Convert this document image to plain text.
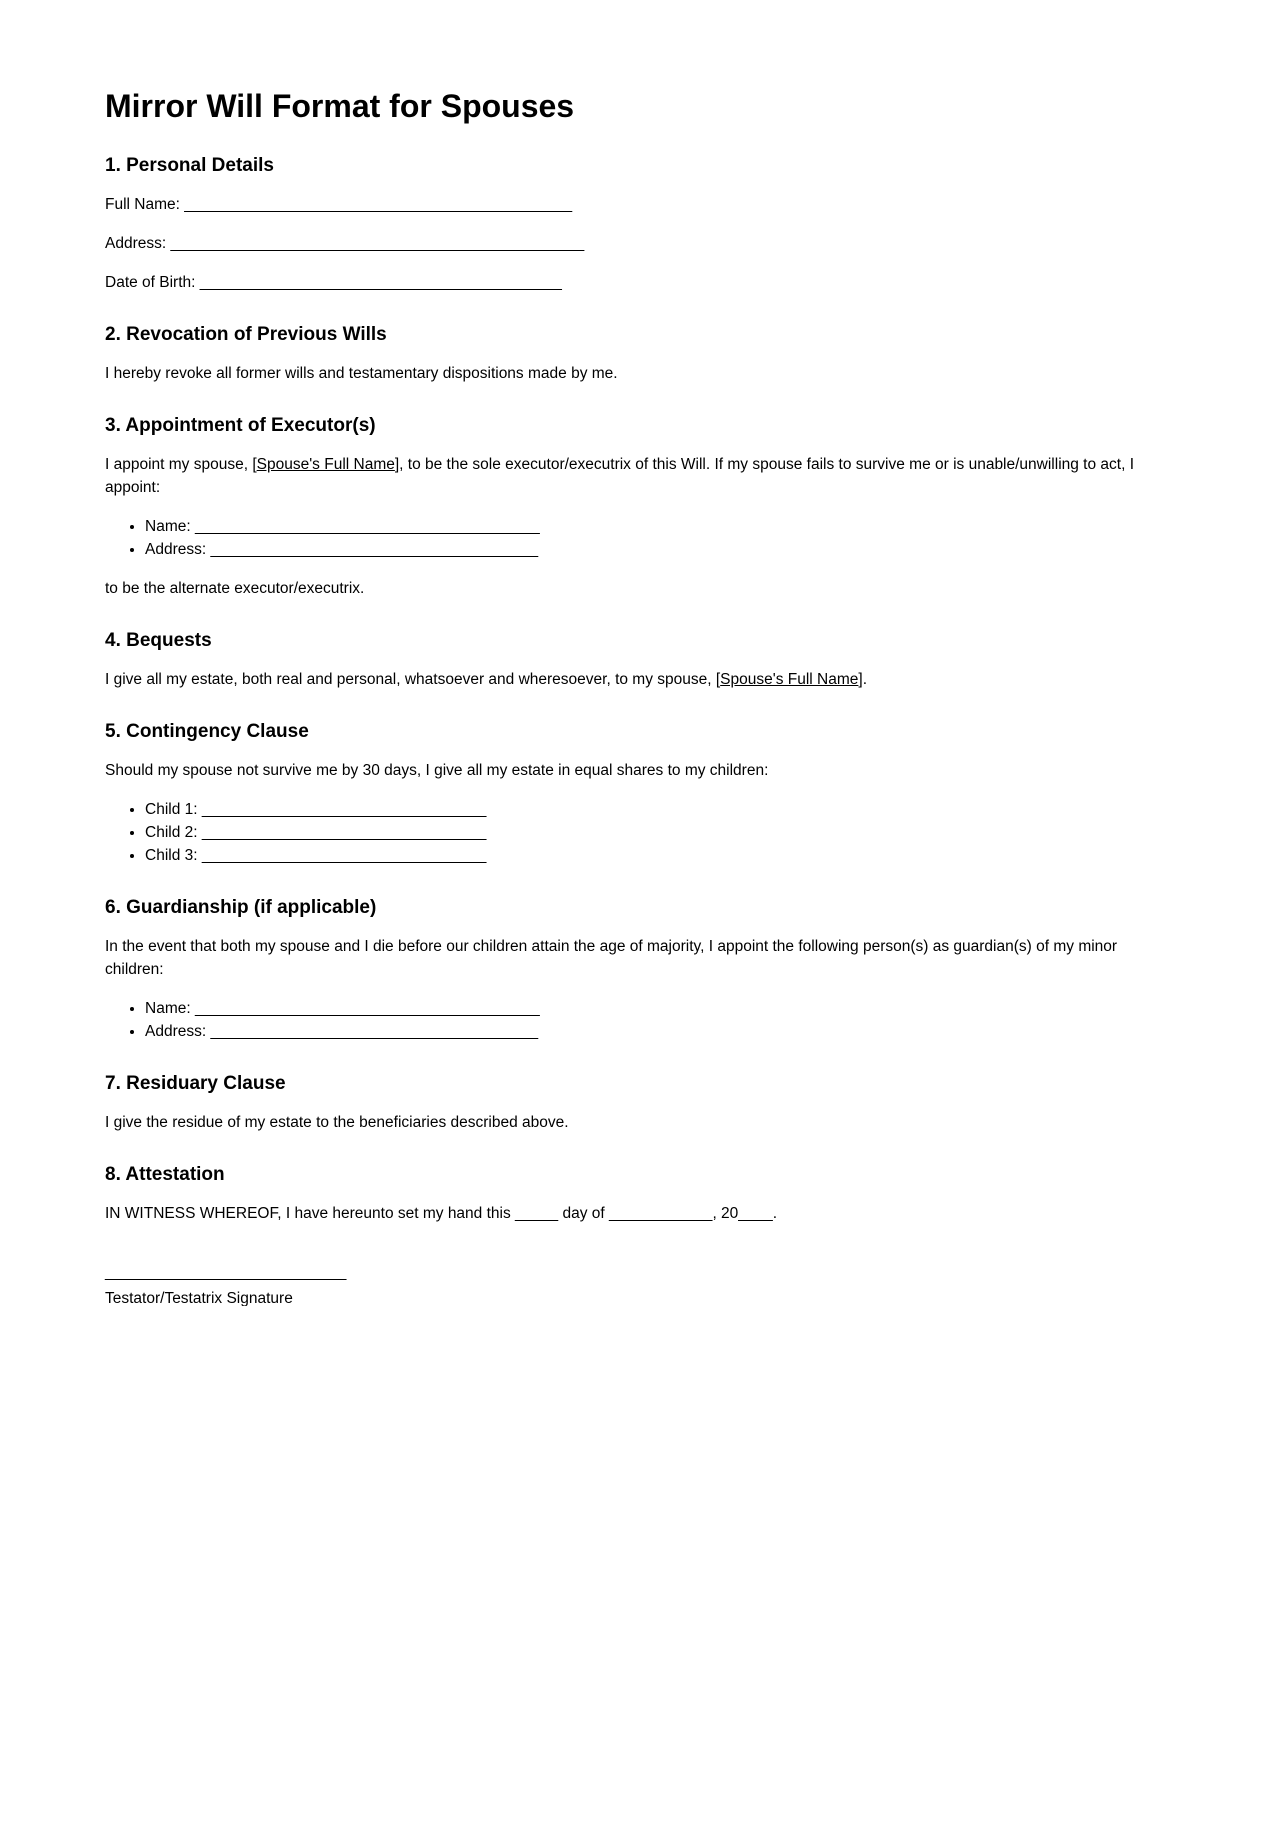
Mirror Will Format for Spouses
1. Personal Details

Full Name: _____________________________________________

Address: ________________________________________________

Date of Birth: __________________________________________

2. Revocation of Previous Wills

I hereby revoke all former wills and testamentary dispositions made by me.

3. Appointment of Executor(s)

I appoint my spouse, [Spouse's Full Name], to be the sole executor/executrix of this Will. If my spouse fails to survive me or is unable/unwilling to act, I appoint:

• Name: ________________________________________
• Address: ______________________________________

to be the alternate executor/executrix.

4. Bequests

I give all my estate, both real and personal, whatsoever and wheresoever, to my spouse, [Spouse's Full Name].

5. Contingency Clause

Should my spouse not survive me by 30 days, I give all my estate in equal shares to my children:

• Child 1: _________________________________
• Child 2: _________________________________
• Child 3: _________________________________
6. Guardianship (if applicable)

In the event that both my spouse and I die before our children attain the age of majority, I appoint the following person(s) as guardian(s) of my minor children:

• Name: ________________________________________
• Address: ______________________________________
7. Residuary Clause

I give the residue of my estate to the beneficiaries described above.

8. Attestation

IN WITNESS WHEREOF, I have hereunto set my hand this _____ day of ____________, 20____.

____________________________

Testator/Testatrix Signature
